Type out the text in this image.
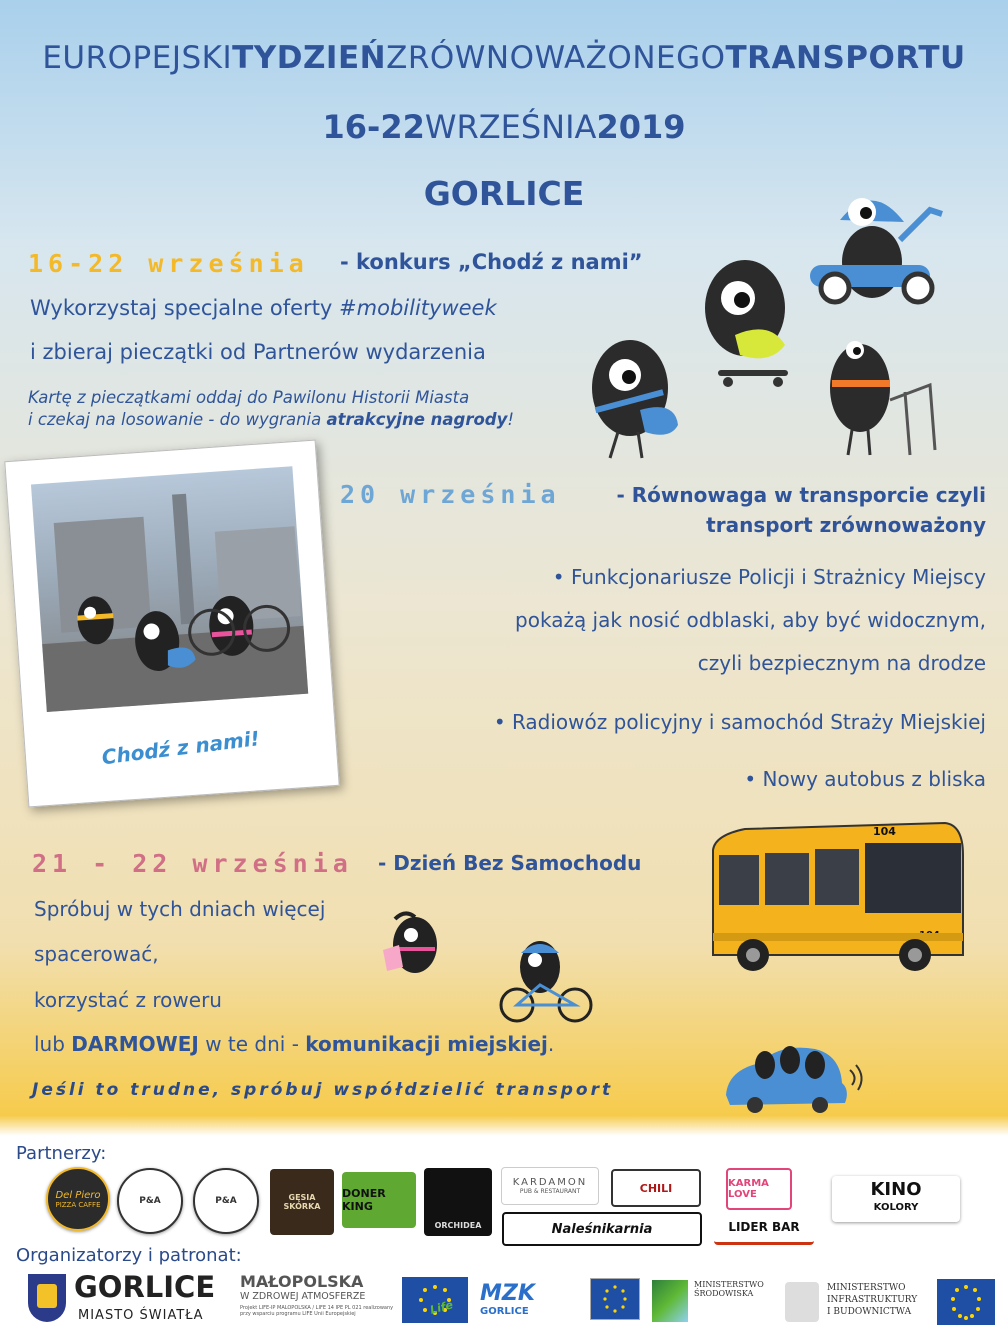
EUROPEJSKITYDZIEŃZRÓWNOWAŻONEGOTRANSPORTU
16-22WRZEŚNIA2019
GORLICE
16-22 września - konkurs „Chodź z nami”
Wykorzystaj specjalne oferty #mobilityweek
i zbieraj pieczątki od Partnerów wydarzenia
Kartę z pieczątkami oddaj do Pawilonu Historii Miasta
i czekaj na losowanie - do wygrania atrakcyjne nagrody!
Chodź z nami!
20 września	- Równowaga w transporcie czyli
transport zrównoważony
• Funkcjonariusze Policji i Strażnicy Miejscy
pokażą jak nosić odblaski, aby być widocznym,
czyli bezpiecznym na drodze
• Radiowóz policyjny i samochód Straży Miejskiej
• Nowy autobus z bliska
104
21 - 22 września - Dzień Bez Samochodu
Spróbuj w tych dniach więcej
spacerować,
korzystać z roweru
lub DARMOWEJ w te dni - komunikacji miejskiej.
Jeśli to trudne, spróbuj współdzielić transport
Partnerzy:
Del Piero
PIZZA CAFFE	P&A	P&A	GĘSIA SKÓRKA
DONER KING
ORCHIDEA
KARDAMON
PUB & RESTAURANT	CHILI	KARMA LOVE	KINO
KOLORY
Naleśnikarnia	LIDER BAR
Organizatorzy i patronat:
GORLICE
MIASTO ŚWIATŁA
MAŁOPOLSKA
W ZDROWEJ ATMOSFERZE
Projekt LIFE-IP MALOPOLSKA / LIFE 14 IPE PL 021 realizowany przy wsparciu programu LIFE Unii Europejskiej	Life
MZK
GORLICE
MINISTERSTWO ŚRODOWISKA
MINISTERSTWO
INFRASTRUKTURY
I BUDOWNICTWA
